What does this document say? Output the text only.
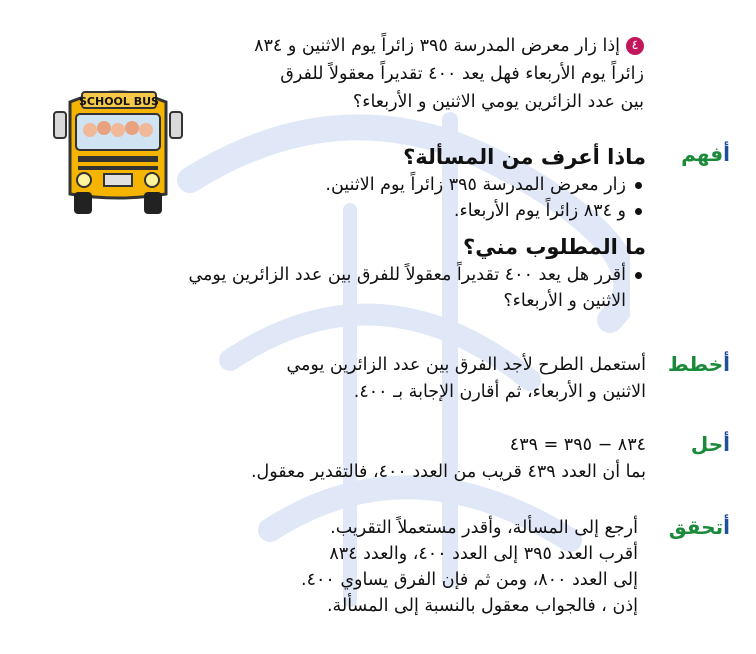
٤إذا زار معرض المدرسة ٣٩٥ زائراً يوم الاثنين و ٨٣٤
زائراً يوم الأربعاء فهل يعد ٤٠٠ تقديراً معقولاً للفرق
بين عدد الزائرين يومي الاثنين و الأربعاء؟
SCHOOL BUS
أفهم

ماذا أعرف من المسألة؟

زار معرض المدرسة ٣٩٥ زائراً يوم الاثنين.
و ٨٣٤ زائراً يوم الأربعاء.

ما المطلوب مني؟

أقرر هل يعد ٤٠٠ تقديراً معقولاً للفرق بين عدد الزائرين يومي الاثنين و الأربعاء؟
أخطط

أستعمل الطرح لأجد الفرق بين عدد الزائرين يومي

الاثنين و الأربعاء، ثم أقارن الإجابة بـ ٤٠٠.

أحل

٨٣٤ − ٣٩٥ = ٤٣٩

بما أن العدد ٤٣٩ قريب من العدد ٤٠٠، فالتقدير معقول.

أتحقق

أرجع إلى المسألة، وأقدر مستعملاً التقريب.

أقرب العدد ٣٩٥ إلى العدد ٤٠٠، والعدد ٨٣٤

إلى العدد ٨٠٠، ومن ثم فإن الفرق يساوي ٤٠٠.

إذن ، فالجواب معقول بالنسبة إلى المسألة.
